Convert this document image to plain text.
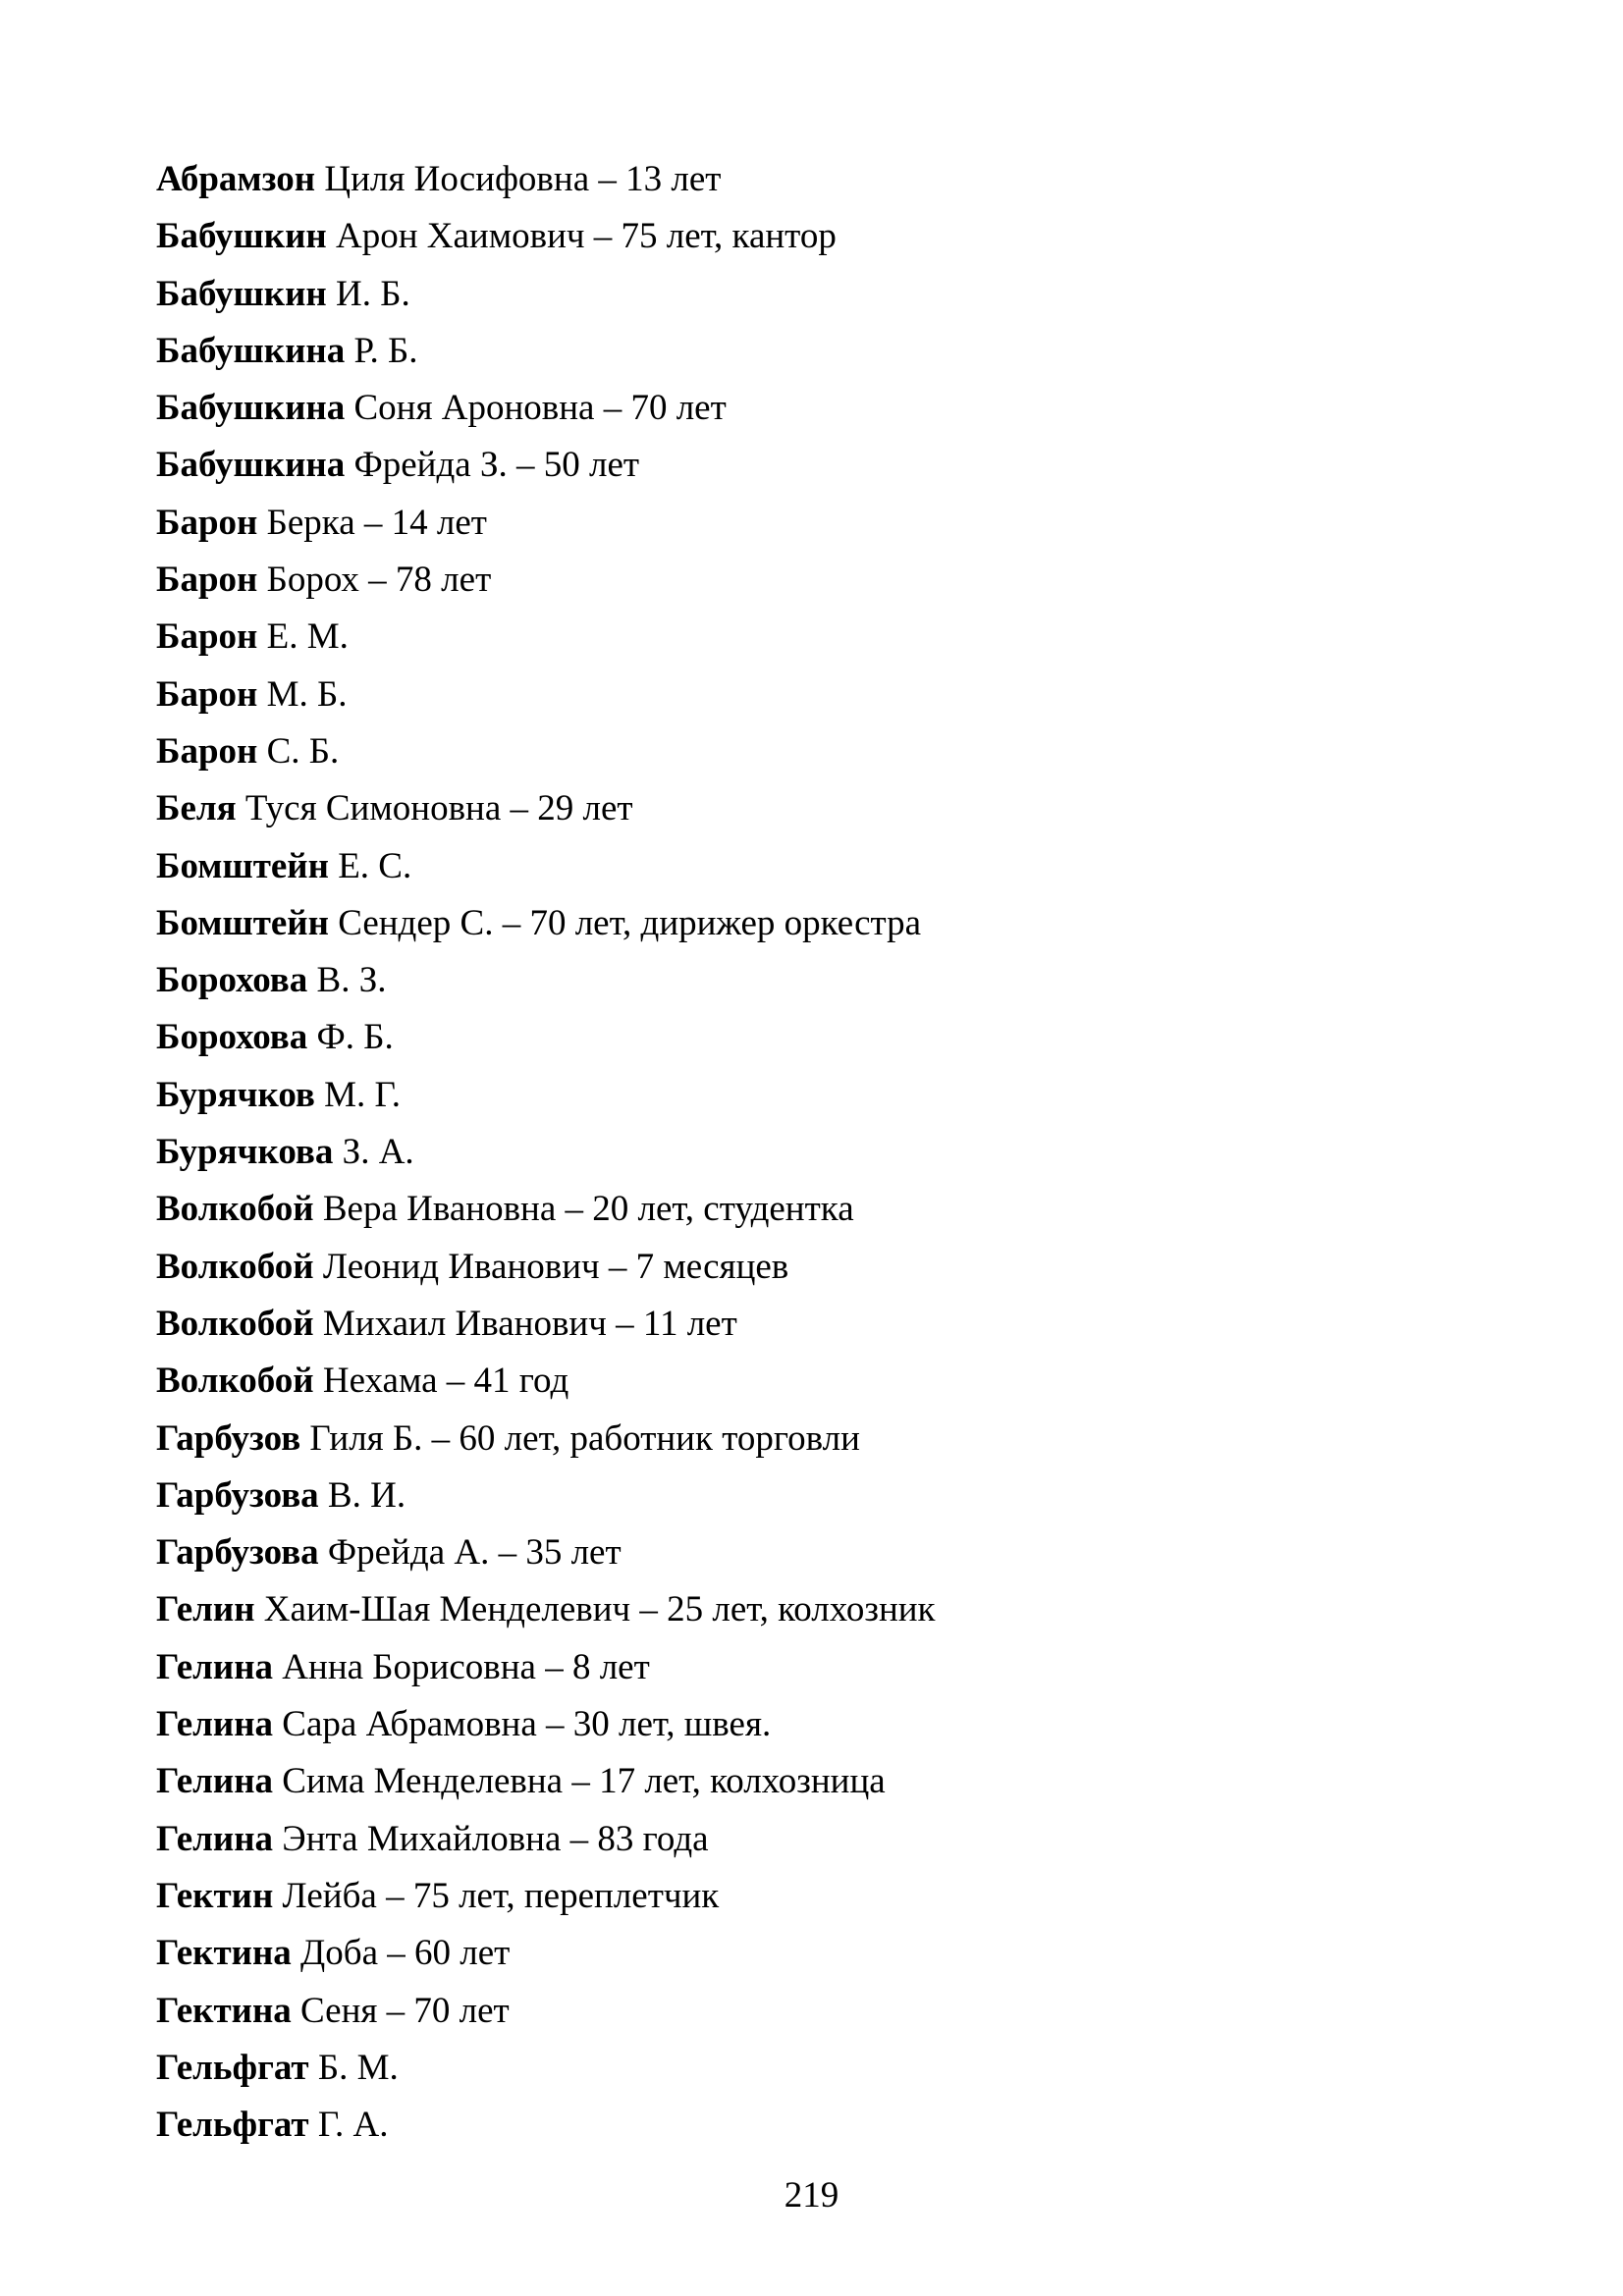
Абрамзон Циля Иосифовна – 13 лет
Бабушкин Арон Хаимович – 75 лет, кантор
Бабушкин И. Б.
Бабушкина Р. Б.
Бабушкина Соня Ароновна – 70 лет
Бабушкина Фрейда З. – 50 лет
Барон Берка – 14 лет
Барон Борох – 78 лет
Барон Е. М.
Барон М. Б.
Барон С. Б.
Беля Туся Симоновна – 29 лет
Бомштейн Е. С.
Бомштейн Сендер С. – 70 лет, дирижер оркестра
Борохова В. З.
Борохова Ф. Б.
Бурячков М. Г.
Бурячкова З. А.
Волкобой Вера Ивановна – 20 лет, студентка
Волкобой Леонид Иванович – 7 месяцев
Волкобой Михаил Иванович – 11 лет
Волкобой Нехама – 41 год
Гарбузов Гиля Б. – 60 лет, работник торговли
Гарбузова В. И.
Гарбузова Фрейда А. – 35 лет
Гелин Хаим-Шая Менделевич – 25 лет, колхозник
Гелина Анна Борисовна – 8 лет
Гелина Сара Абрамовна – 30 лет, швея.
Гелина Сима Менделевна – 17 лет, колхозница
Гелина Энта Михайловна – 83 года
Гектин Лейба – 75 лет, переплетчик
Гектина Доба – 60 лет
Гектина Сеня – 70 лет
Гельфгат Б. М.
Гельфгат Г. А.
219
